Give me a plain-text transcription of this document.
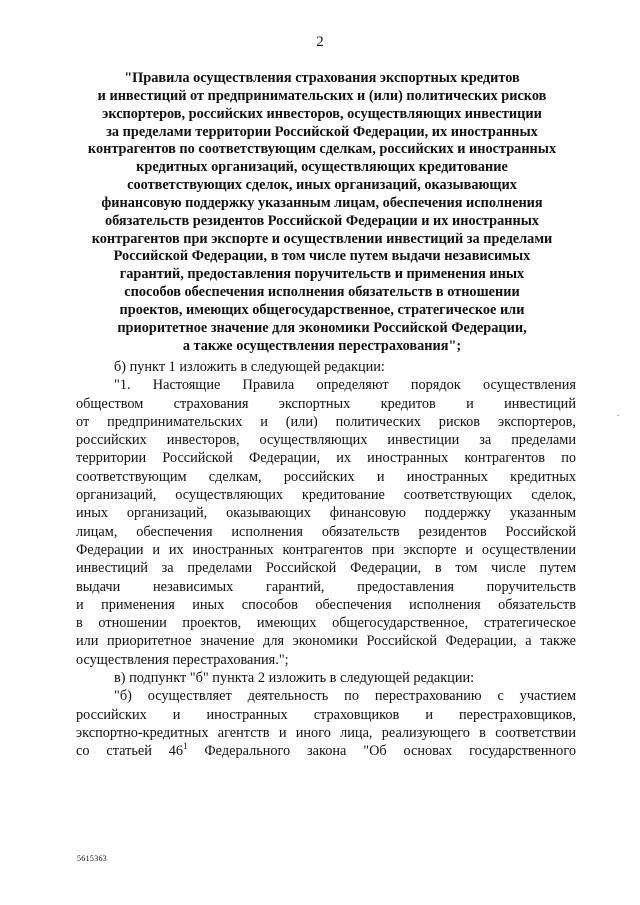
2
"Правила осуществления страхования экспортных кредитов
и инвестиций от предпринимательских и (или) политических рисков
экспортеров, российских инвесторов, осуществляющих инвестиции
за пределами территории Российской Федерации, их иностранных
контрагентов по соответствующим сделкам, российских и иностранных
кредитных организаций, осуществляющих кредитование
соответствующих сделок, иных организаций, оказывающих
финансовую поддержку указанным лицам, обеспечения исполнения
обязательств резидентов Российской Федерации и их иностранных
контрагентов при экспорте и осуществлении инвестиций за пределами
Российской Федерации, в том числе путем выдачи независимых
гарантий, предоставления поручительств и применения иных
способов обеспечения исполнения обязательств в отношении
проектов, имеющих общегосударственное, стратегическое или
приоритетное значение для экономики Российской Федерации,
а также осуществления перестрахования";
б) пункт 1 изложить в следующей редакции:
"1. Настоящие Правила определяют порядок осуществления
обществом страхования экспортных кредитов и инвестиций
от предпринимательских и (или) политических рисков экспортеров,
российских инвесторов, осуществляющих инвестиции за пределами
территории Российской Федерации, их иностранных контрагентов по
соответствующим сделкам, российских и иностранных кредитных
организаций, осуществляющих кредитование соответствующих сделок,
иных организаций, оказывающих финансовую поддержку указанным
лицам, обеспечения исполнения обязательств резидентов Российской
Федерации и их иностранных контрагентов при экспорте и осуществлении
инвестиций за пределами Российской Федерации, в том числе путем
выдачи независимых гарантий, предоставления поручительств
и применения иных способов обеспечения исполнения обязательств
в отношении проектов, имеющих общегосударственное, стратегическое
или приоритетное значение для экономики Российской Федерации, а также
осуществления перестрахования.";
в) подпункт "б" пункта 2 изложить в следующей редакции:
"б) осуществляет деятельность по перестрахованию с участием
российских и иностранных страховщиков и перестраховщиков,
экспортно-кредитных агентств и иного лица, реализующего в соответствии
со статьей $46^1$ Федерального закона "Об основах государственного
.
5615363
